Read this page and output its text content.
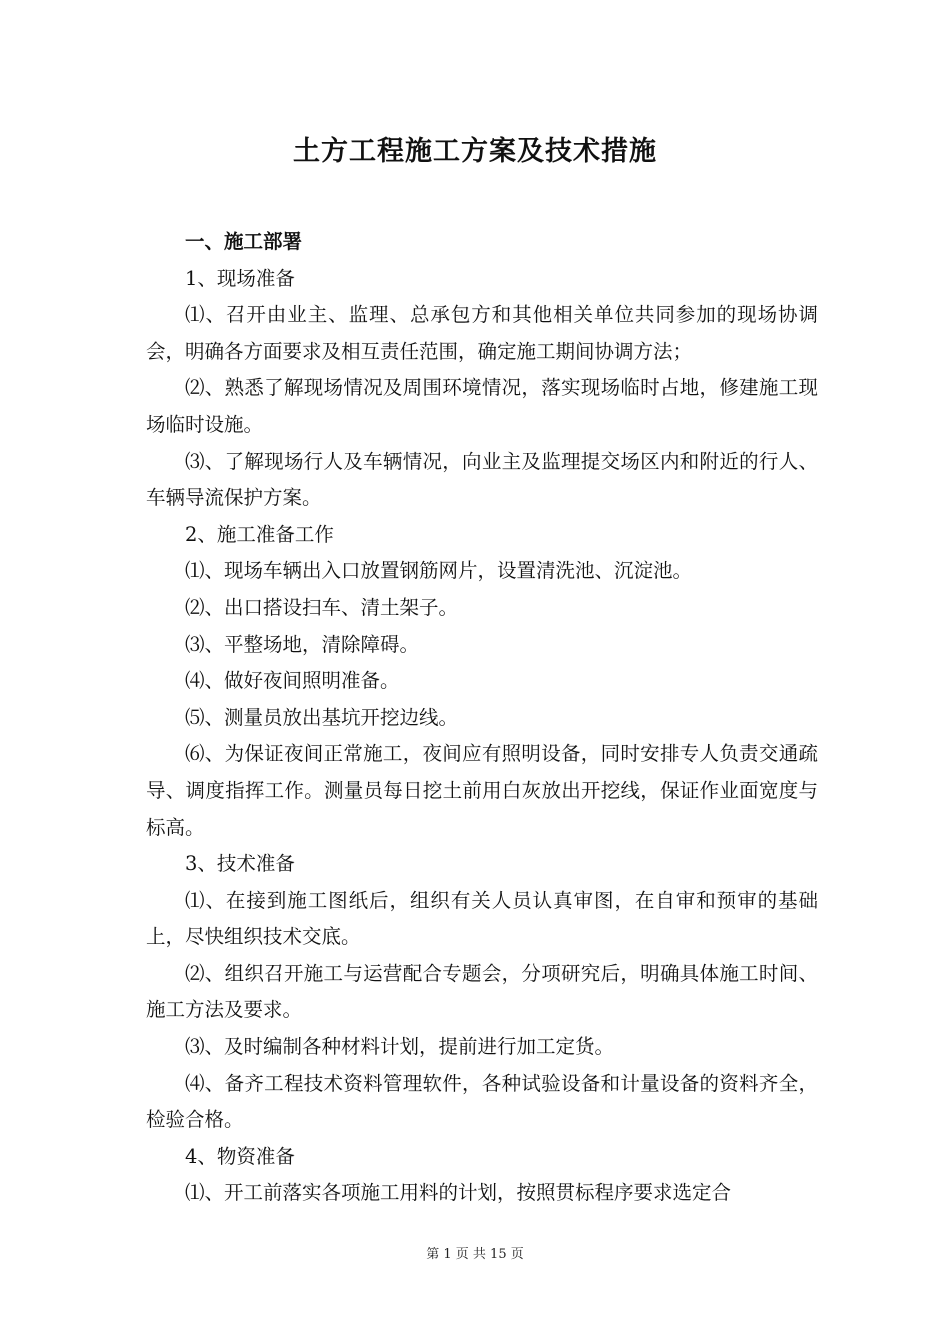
土方工程施工方案及技术措施

一、施工部署

1、现场准备

⑴、召开由业主、监理、总承包方和其他相关单位共同参加的现场协调会，明确各方面要求及相互责任范围，确定施工期间协调方法；

⑵、熟悉了解现场情况及周围环境情况，落实现场临时占地，修建施工现场临时设施。

⑶、了解现场行人及车辆情况，向业主及监理提交场区内和附近的行人、车辆导流保护方案。

2、施工准备工作

⑴、现场车辆出入口放置钢筋网片，设置清洗池、沉淀池。

⑵、出口搭设扫车、清土架子。

⑶、平整场地，清除障碍。

⑷、做好夜间照明准备。

⑸、测量员放出基坑开挖边线。

⑹、为保证夜间正常施工，夜间应有照明设备，同时安排专人负责交通疏导、调度指挥工作。测量员每日挖土前用白灰放出开挖线，保证作业面宽度与标高。

3、技术准备

⑴、在接到施工图纸后，组织有关人员认真审图，在自审和预审的基础上，尽快组织技术交底。

⑵、组织召开施工与运营配合专题会，分项研究后，明确具体施工时间、施工方法及要求。

⑶、及时编制各种材料计划，提前进行加工定货。

⑷、备齐工程技术资料管理软件，各种试验设备和计量设备的资料齐全，检验合格。

4、物资准备

⑴、开工前落实各项施工用料的计划，按照贯标程序要求选定合

第 1 页 共 15 页
